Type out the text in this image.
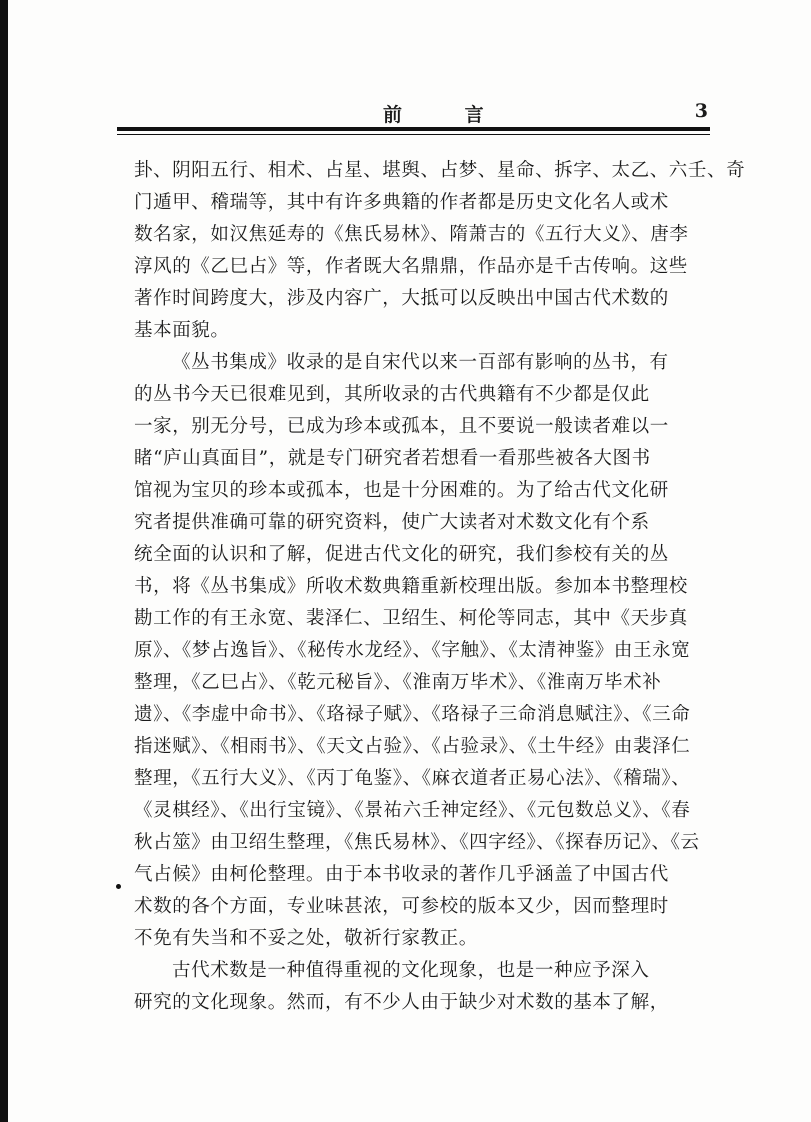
前 言	3
卦、阴阳五行、相术、占星、堪舆、占梦、星命、拆字、太乙、六壬、奇
门遁甲、稽瑞等，其中有许多典籍的作者都是历史文化名人或术
数名家，如汉焦延寿的《焦氏易林》、隋萧吉的《五行大义》、唐李
淳风的《乙巳占》等，作者既大名鼎鼎，作品亦是千古传响。这些
著作时间跨度大，涉及内容广，大抵可以反映出中国古代术数的
基本面貌。
《丛书集成》收录的是自宋代以来一百部有影响的丛书，有
的丛书今天已很难见到，其所收录的古代典籍有不少都是仅此
一家，别无分号，已成为珍本或孤本，且不要说一般读者难以一
睹“庐山真面目”，就是专门研究者若想看一看那些被各大图书
馆视为宝贝的珍本或孤本，也是十分困难的。为了给古代文化研
究者提供准确可靠的研究资料，使广大读者对术数文化有个系
统全面的认识和了解，促进古代文化的研究，我们参校有关的丛
书，将《丛书集成》所收术数典籍重新校理出版。参加本书整理校
勘工作的有王永宽、裴泽仁、卫绍生、柯伦等同志，其中《天步真
原》、《梦占逸旨》、《秘传水龙经》、《字触》、《太清神鉴》由王永宽
整理，《乙巳占》、《乾元秘旨》、《淮南万毕术》、《淮南万毕术补
遗》、《李虚中命书》、《珞禄子赋》、《珞禄子三命消息赋注》、《三命
指迷赋》、《相雨书》、《天文占验》、《占验录》、《土牛经》由裴泽仁
整理，《五行大义》、《丙丁龟鉴》、《麻衣道者正易心法》、《稽瑞》、
《灵棋经》、《出行宝镜》、《景祐六壬神定经》、《元包数总义》、《春
秋占筮》由卫绍生整理，《焦氏易林》、《四字经》、《探春历记》、《云
气占候》由柯伦整理。由于本书收录的著作几乎涵盖了中国古代
术数的各个方面，专业味甚浓，可参校的版本又少，因而整理时
不免有失当和不妥之处，敬祈行家教正。
古代术数是一种值得重视的文化现象，也是一种应予深入
研究的文化现象。然而，有不少人由于缺少对术数的基本了解，
